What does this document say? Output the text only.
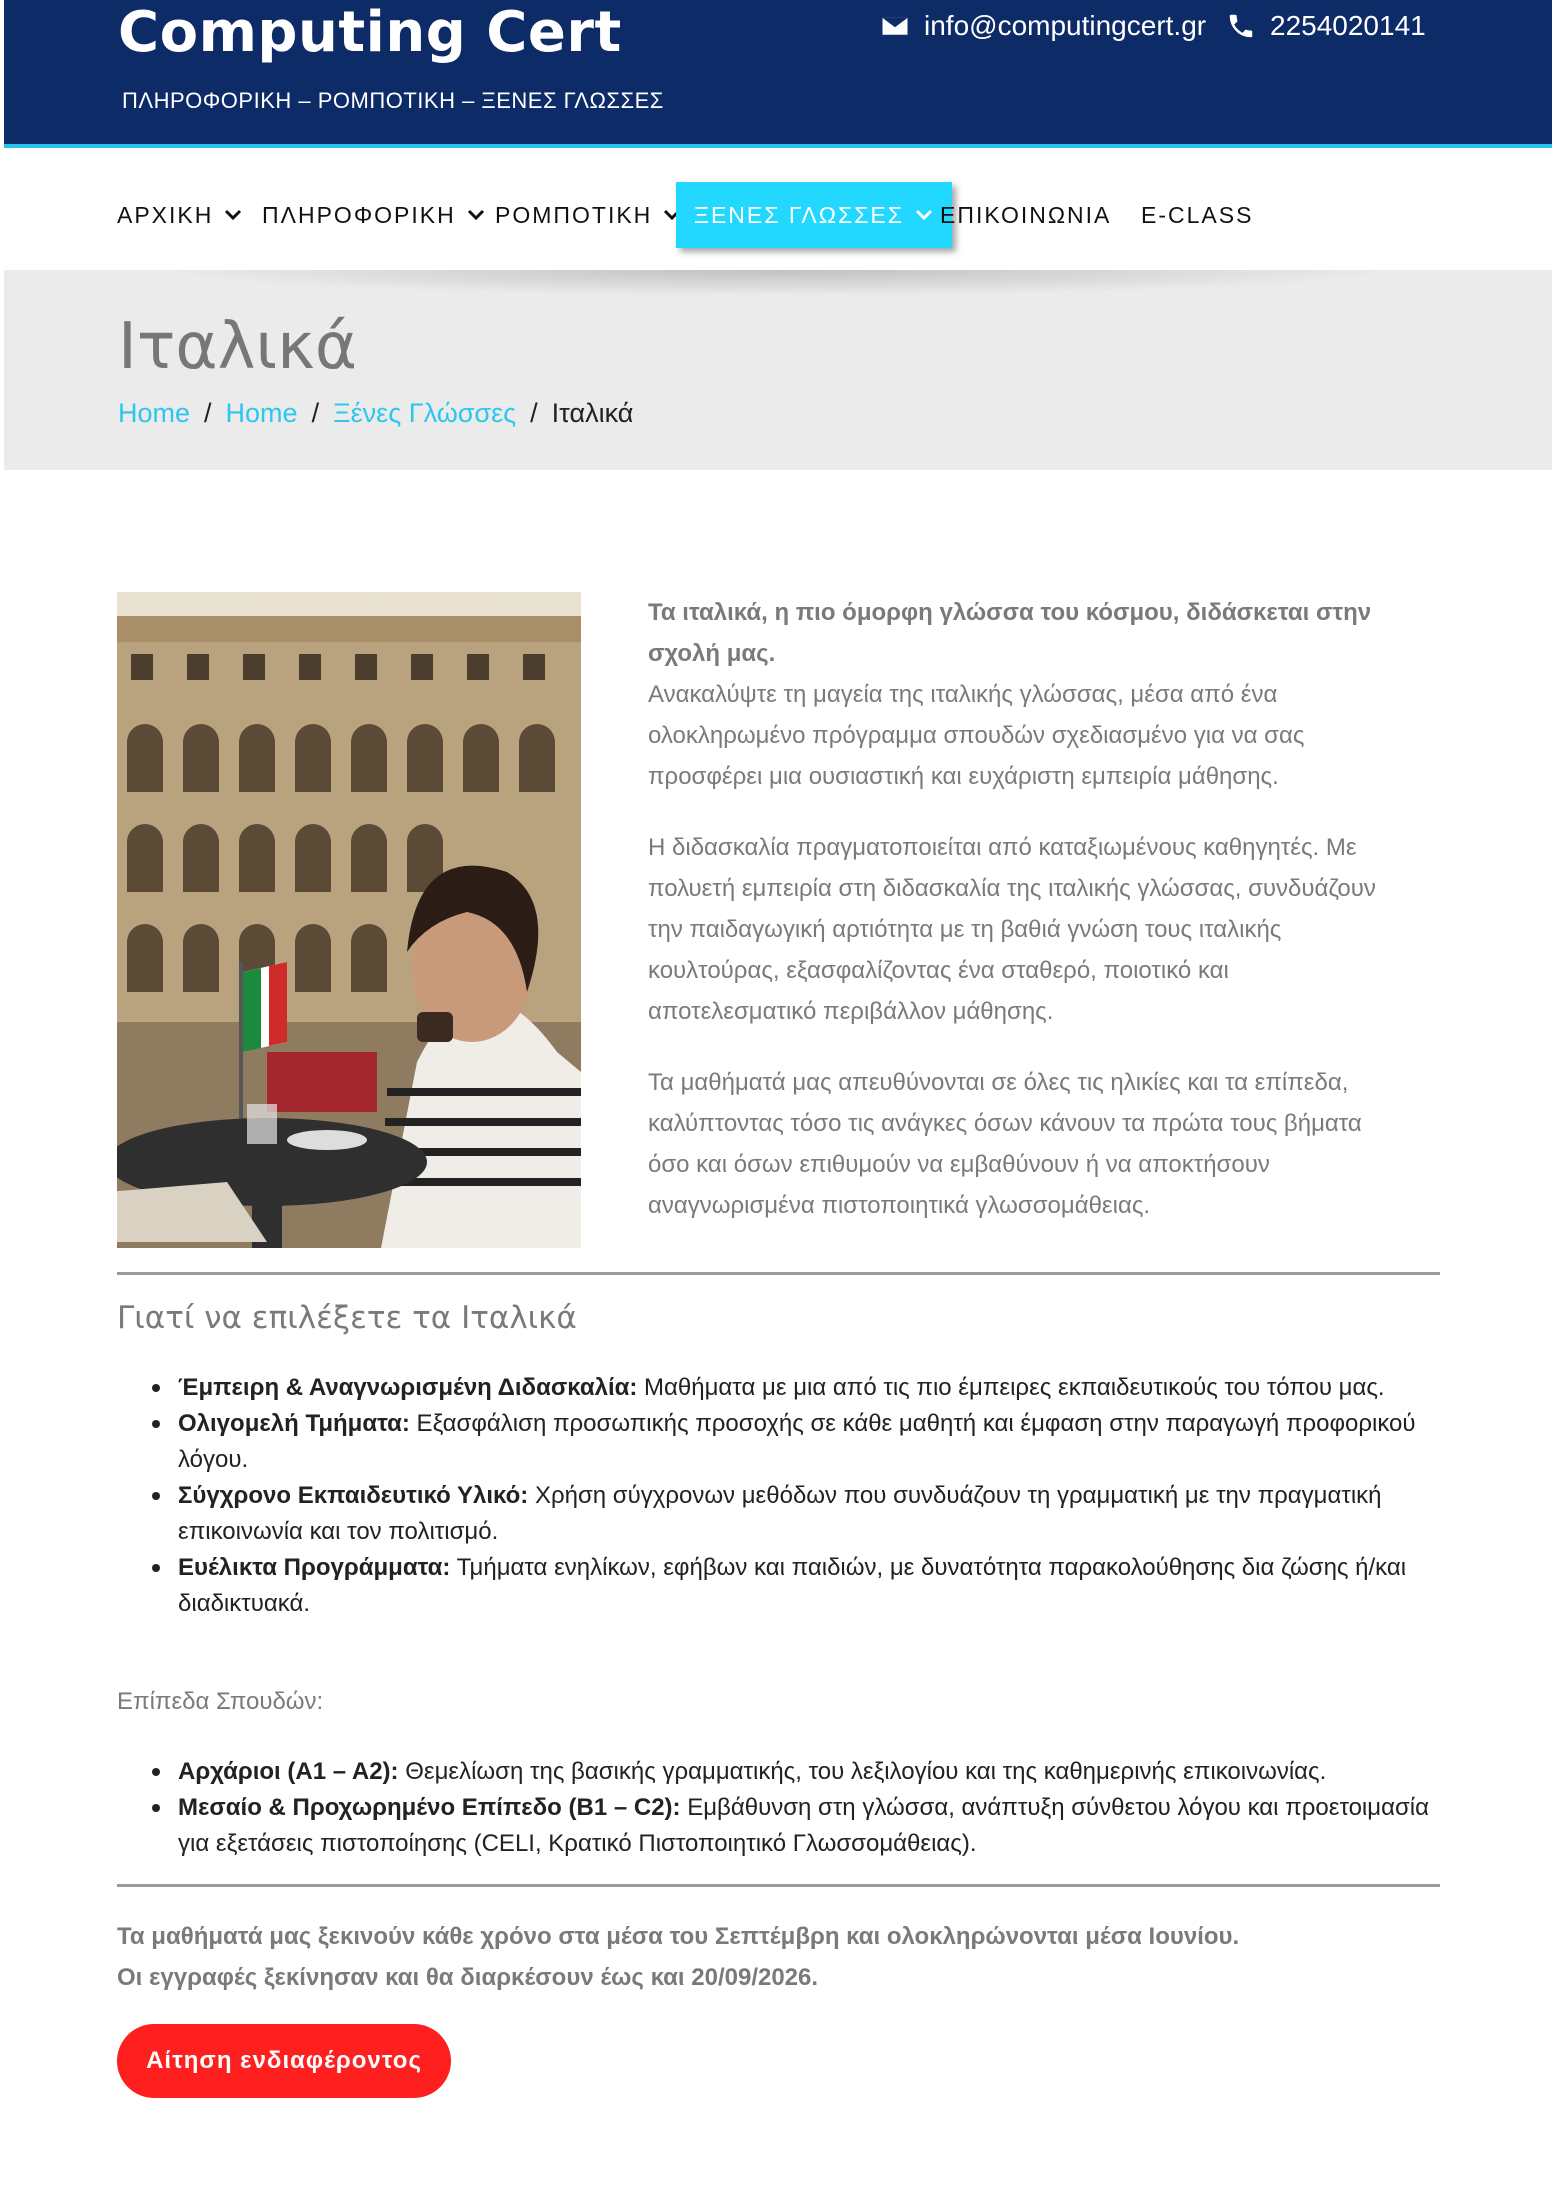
Computing Cert
ΠΛΗΡΟΦΟΡΙΚΗ – ΡΟΜΠΟΤΙΚΗ – ΞΕΝΕΣ ΓΛΩΣΣΕΣ
info@computingcert.gr 2254020141
ΑΡΧΙΚΗ ΠΛΗΡΟΦΟΡΙΚΗ ΡΟΜΠΟΤΙΚΗ ΞΕΝΕΣ ΓΛΩΣΣΕΣ ΕΠΙΚΟΙΝΩΝΙΑ E-CLASS
Ιταλικά
Home / Home / Ξένες Γλώσσες / Ιταλικά

Τα ιταλικά, η πιο όμορφη γλώσσα του κόσμου, διδάσκεται στην σχολή μας.
Ανακαλύψτε τη μαγεία της ιταλικής γλώσσας, μέσα από ένα ολοκληρωμένο πρόγραμμα σπουδών σχεδιασμένο για να σας προσφέρει μια ουσιαστική και ευχάριστη εμπειρία μάθησης.

Η διδασκαλία πραγματοποιείται από καταξιωμένους καθηγητές. Με πολυετή εμπειρία στη διδασκαλία της ιταλικής γλώσσας, συνδυάζουν την παιδαγωγική αρτιότητα με τη βαθιά γνώση τους ιταλικής κουλτούρας, εξασφαλίζοντας ένα σταθερό, ποιοτικό και αποτελεσματικό περιβάλλον μάθησης.

Τα μαθήματά μας απευθύνονται σε όλες τις ηλικίες και τα επίπεδα, καλύπτοντας τόσο τις ανάγκες όσων κάνουν τα πρώτα τους βήματα όσο και όσων επιθυμούν να εμβαθύνουν ή να αποκτήσουν αναγνωρισμένα πιστοποιητικά γλωσσομάθειας.

Γιατί να επιλέξετε τα Ιταλικά
Έμπειρη & Αναγνωρισμένη Διδασκαλία: Μαθήματα με μια από τις πιο έμπειρες εκπαιδευτικούς του τόπου μας.
Ολιγομελή Τμήματα: Εξασφάλιση προσωπικής προσοχής σε κάθε μαθητή και έμφαση στην παραγωγή προφορικού λόγου.
Σύγχρονο Εκπαιδευτικό Υλικό: Χρήση σύγχρονων μεθόδων που συνδυάζουν τη γραμματική με την πραγματική επικοινωνία και τον πολιτισμό.
Ευέλικτα Προγράμματα: Τμήματα ενηλίκων, εφήβων και παιδιών, με δυνατότητα παρακολούθησης δια ζώσης ή/και διαδικτυακά.
Επίπεδα Σπουδών:
Αρχάριοι (Α1 – Α2): Θεμελίωση της βασικής γραμματικής, του λεξιλογίου και της καθημερινής επικοινωνίας.
Μεσαίο & Προχωρημένο Επίπεδο (Β1 – C2): Εμβάθυνση στη γλώσσα, ανάπτυξη σύνθετου λόγου και προετοιμασία για εξετάσεις πιστοποίησης (CELI, Κρατικό Πιστοποιητικό Γλωσσομάθειας).
Τα μαθήματά μας ξεκινούν κάθε χρόνο στα μέσα του Σεπτέμβρη και ολοκληρώνονται μέσα Ιουνίου.
Οι εγγραφές ξεκίνησαν και θα διαρκέσουν έως και 20/09/2026.
Αίτηση ενδιαφέροντος
